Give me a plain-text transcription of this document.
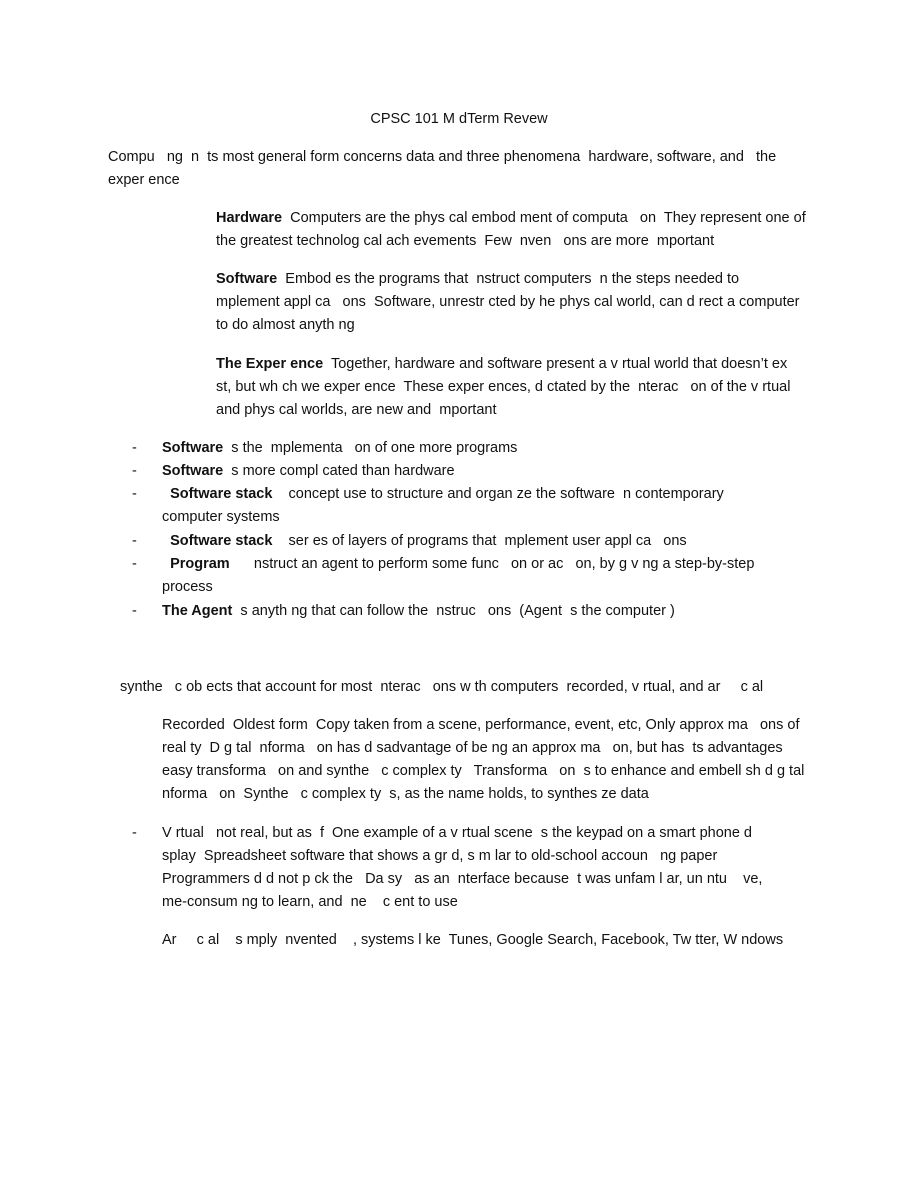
CPSC 101 M dTerm Revew
Compu   ng  n  ts most general form concerns data and three phenomena  hardware, software, and   the exper ence
Hardware  Computers are the phys cal embod ment of computa   on  They represent one of the greatest technolog cal ach evements  Few  nven   ons are more  mportant
Software  Embod es the programs that  nstruct computers  n the steps needed to  mplement appl ca   ons  Software, unrestr cted by he phys cal world, can d rect a computer to do almost anyth ng
The Exper ence  Together, hardware and software present a v rtual world that doesn’t ex st, but wh ch we exper ence  These exper ences, d ctated by the  nterac   on of the v rtual and phys cal worlds, are new and  mportant
- Software  s the  mplementa   on of one more programs
- Software  s more compl cated than hardware
-	Software stack    concept use to structure and organ ze the software  n contemporary computer systems
-	Software stack    ser es of layers of programs that  mplement user appl ca   ons
-	Program      nstruct an agent to perform some func   on or ac   on, by g v ng a step-by-step process
- The Agent  s anyth ng that can follow the  nstruc   ons  (Agent  s the computer )
synthe   c ob ects that account for most  nterac   ons w th computers  recorded, v rtual, and ar     c al
Recorded  Oldest form  Copy taken from a scene, performance, event, etc, Only approx ma   ons of real ty  D g tal  nforma   on has d sadvantage of be ng an approx ma   on, but has  ts advantages  easy transforma   on and synthe   c complex ty   Transforma   on  s to enhance and embell sh d g tal  nforma   on  Synthe   c complex ty  s, as the name holds, to synthes ze data
- V rtual   not real, but as  f  One example of a v rtual scene  s the keypad on a smart phone d splay  Spreadsheet software that shows a gr d, s m lar to old-school accoun   ng paper Programmers d d not p ck the   Da sy   as an  nterface because  t was unfam l ar, un ntu    ve,    me-consum ng to learn, and  ne    c ent to use
Ar     c al    s mply  nvented    , systems l ke  Tunes, Google Search, Facebook, Tw tter, W ndows
